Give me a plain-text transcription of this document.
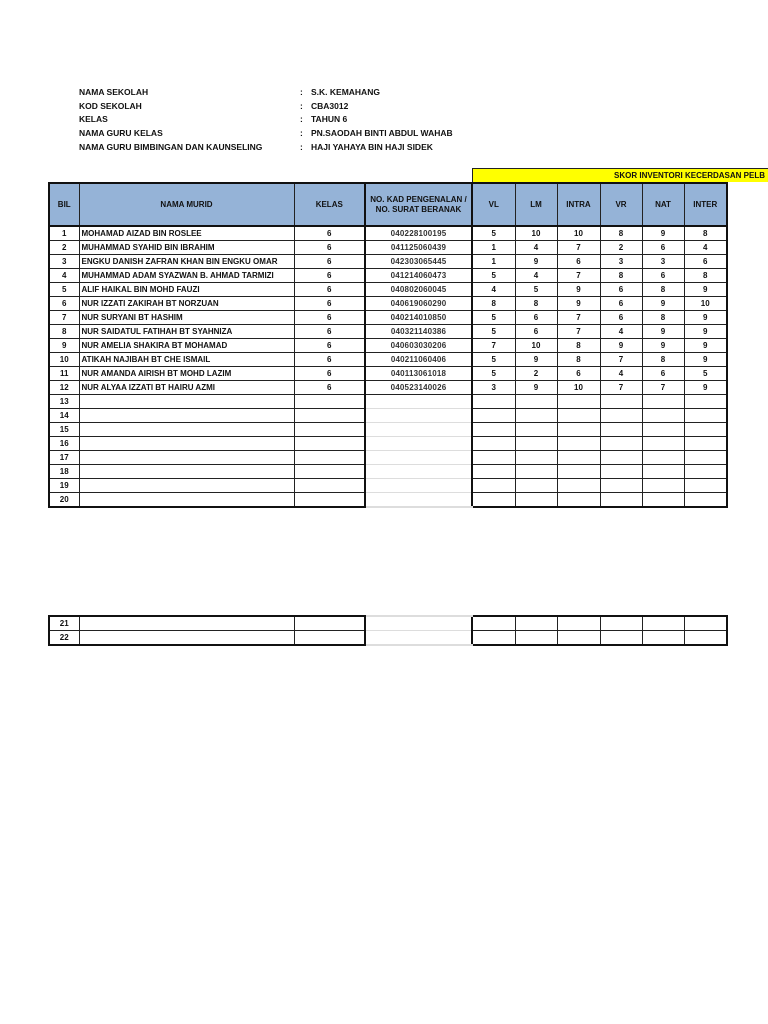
NAMA SEKOLAH	: S.K. KEMAHANG
KOD SEKOLAH	: CBA3012
KELAS	: TAHUN 6
NAMA GURU KELAS	: PN.SAODAH BINTI ABDUL WAHAB
NAMA GURU BIMBINGAN DAN KAUNSELING	: HAJI YAHAYA BIN HAJI SIDEK
SKOR INVENTORI KECERDASAN PELB
BIL	NAMA MURID	KELAS	NO. KAD PENGENALAN / NO. SURAT BERANAK	VL	LM	INTRA	VR	NAT	INTER
1	MOHAMAD AIZAD BIN ROSLEE	6	040228100195	5	10	10	8	9	8
2	MUHAMMAD SYAHID BIN IBRAHIM	6	041125060439	1	4	7	2	6	4
3	ENGKU DANISH ZAFRAN KHAN BIN ENGKU OMAR	6	042303065445	1	9	6	3	3	6
4	MUHAMMAD ADAM SYAZWAN B. AHMAD TARMIZI	6	041214060473	5	4	7	8	6	8
5	ALIF HAIKAL BIN MOHD FAUZI	6	040802060045	4	5	9	6	8	9
6	NUR IZZATI ZAKIRAH BT NORZUAN	6	040619060290	8	8	9	6	9	10
7	NUR SURYANI BT HASHIM	6	040214010850	5	6	7	6	8	9
8	NUR SAIDATUL FATIHAH BT SYAHNIZA	6	040321140386	5	6	7	4	9	9
9	NUR AMELIA SHAKIRA BT MOHAMAD	6	040603030206	7	10	8	9	9	9
10	ATIKAH NAJIBAH BT CHE ISMAIL	6	040211060406	5	9	8	7	8	9
11	NUR AMANDA AIRISH BT MOHD LAZIM	6	040113061018	5	2	6	4	6	5
12	NUR ALYAA IZZATI BT HAIRU AZMI	6	040523140026	3	9	10	7	7	9
13									
14									
15									
16									
17									
18									
19									
20									
21									
22									
